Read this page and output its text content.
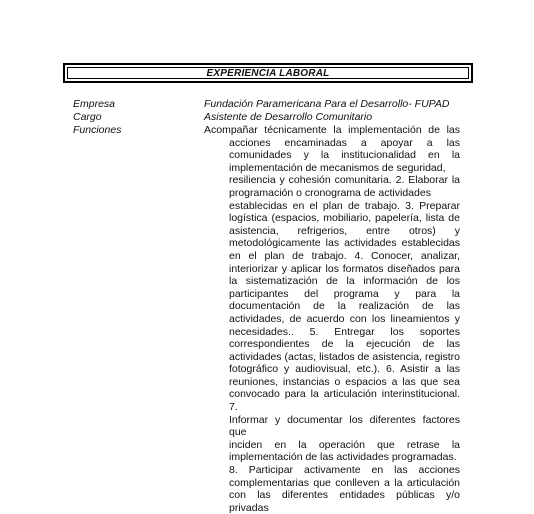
EXPERIENCIA LABORAL
Empresa	Fundación Paramericana Para el Desarrollo- FUPAD
Cargo	Asistente de Desarrollo Comunitario
Funciones	Acompañar técnicamente la implementación de las

acciones encaminadas a apoyar a las

comunidades y la institucionalidad en la

implementación de mecanismos de seguridad,

resiliencia y cohesión comunitaria. 2. Elaborar la

programación o cronograma de actividades

establecidas en el plan de trabajo. 3. Preparar

logística (espacios, mobiliario, papelería, lista de

asistencia, refrigerios, entre otros) y

metodológicamente las actividades establecidas

en el plan de trabajo. 4. Conocer, analizar,

interiorizar y aplicar los formatos diseñados para

la sistematización de la información de los

participantes del programa y para la

documentación de la realización de las

actividades, de acuerdo con los lineamientos y

necesidades.. 5. Entregar los soportes

correspondientes de la ejecución de las

actividades (actas, listados de asistencia, registro

fotográfico y audiovisual, etc.). 6. Asistir a las

reuniones, instancias o espacios a las que sea

convocado para la articulación interinstitucional. 7.

Informar y documentar los diferentes factores que

inciden en la operación que retrase la

implementación de las actividades programadas.

8. Participar activamente en las acciones

complementarias que conlleven a la articulación

con las diferentes entidades públicas y/o privadas
